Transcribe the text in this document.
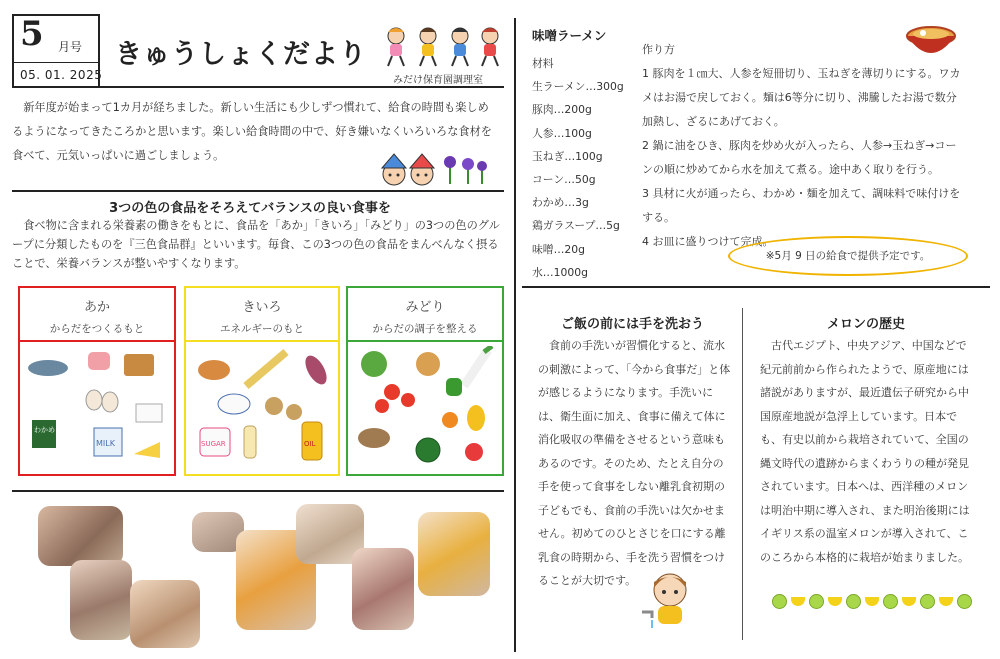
5 月号
05. 01. 2025
きゅうしょくだより
みだけ保育園調理室
新年度が始まって1カ月が経ちました。新しい生活にも少しずつ慣れて、給食の時間も楽しめるようになってきたころかと思います。楽しい給食時間の中で、好き嫌いなくいろいろな食材を食べて、元気いっぱいに過ごしましょう。
3つの色の食品をそろえてバランスの良い食事を
食べ物に含まれる栄養素の働きをもとに、食品を「あか」「きいろ」「みどり」の3つの色のグループに分類したものを『三色食品群』といいます。毎食、この3つの色の食品をまんべんなく摂ることで、栄養バランスが整いやすくなります。
あか
からだをつくるもと
わかめ
MILK
きいろ
エネルギーのもと
SUGAR	OIL
みどり
からだの調子を整える
味噌ラーメン
材料
生ラーメン…300g
豚肉…200g
人参…100g
玉ねぎ…100g
コーン…50g
わかめ…3g
鶏ガラスープ…5g
味噌…20g
水…1000g
作り方
1 豚肉を１㎝大、人参を短冊切り、玉ねぎを薄切りにする。ワカメはお湯で戻しておく。麺は6等分に切り、沸騰したお湯で数分加熱し、ざるにあげておく。
2 鍋に油をひき、豚肉を炒め火が入ったら、人参→玉ねぎ→コーンの順に炒めてから水を加えて煮る。途中あく取りを行う。
3 具材に火が通ったら、わかめ・麺を加えて、調味料で味付けをする。
4 お皿に盛りつけて完成。
※5月 9 日の給食で提供予定です。
ご飯の前には手を洗おう
食前の手洗いが習慣化すると、流水の刺激によって、「今から食事だ」と体が感じるようになります。手洗いには、衛生面に加え、食事に備えて体に消化吸収の準備をさせるという意味もあるのです。そのため、たとえ自分の手を使って食事をしない離乳食初期の子どもでも、食前の手洗いは欠かせません。初めてのひとさじを口にする離乳食の時期から、手を洗う習慣をつけることが大切です。
メロンの歴史
古代エジプト、中央アジア、中国などで紀元前前から作られたようで、原産地には諸説がありますが、最近遺伝子研究から中国原産地説が急浮上しています。日本でも、有史以前から栽培されていて、全国の縄文時代の遺跡からまくわうりの種が発見されています。日本へは、西洋種のメロンは明治中期に導入され、また明治後期にはイギリス系の温室メロンが導入されて、このころから本格的に栽培が始まりました。
